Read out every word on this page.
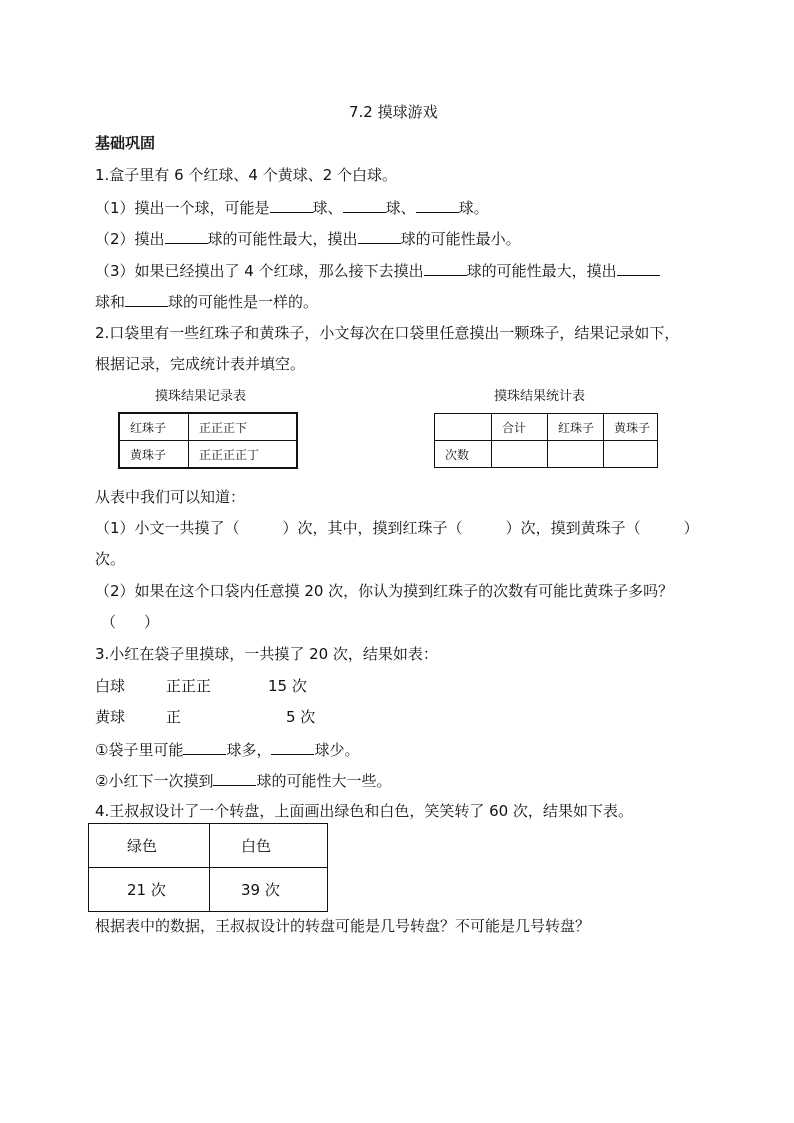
7.2 摸球游戏
基础巩固
1.盒子里有 6 个红球、4 个黄球、2 个白球。
（1）摸出一个球，可能是	球、	球、	球。
（2）摸出	球的可能性最大，摸出	球的可能性最小。
（3）如果已经摸出了 4 个红球，那么接下去摸出	球的可能性最大，摸出
球和	球的可能性是一样的。
2.口袋里有一些红珠子和黄珠子，小文每次在口袋里任意摸出一颗珠子，结果记录如下，
根据记录，完成统计表并填空。
摸珠结果记录表
红珠子	正正正下
黄珠子	正正正正丁
摸珠结果统计表
	合计	红珠子	黄珠子
次数			
从表中我们可以知道：
（1）小文一共摸了（	）次，其中，摸到红珠子（	）次，摸到黄珠子（	）
次。
（2）如果在这个口袋内任意摸 20 次，你认为摸到红珠子的次数有可能比黄珠子多吗？
（ ）
3.小红在袋子里摸球，一共摸了 20 次，结果如表：
白球	正正正	15 次
黄球	正	5 次
①袋子里可能	球多，	球少。
②小红下一次摸到	球的可能性大一些。
4.王叔叔设计了一个转盘，上面画出绿色和白色，笑笑转了 60 次，结果如下表。
绿色	白色
21 次	39 次
根据表中的数据，王叔叔设计的转盘可能是几号转盘？不可能是几号转盘？
